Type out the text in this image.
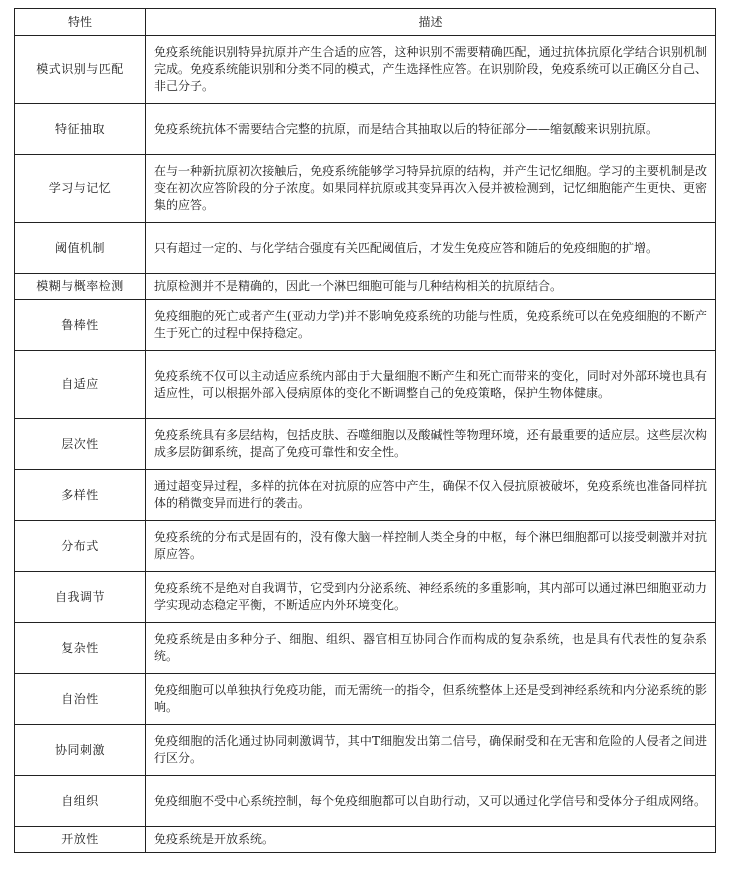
特性	描述
模式识别与匹配	免疫系统能识别特异抗原并产生合适的应答，这种识别不需要精确匹配，通过抗体抗原化学结合识别机制完成。免疫系统能识别和分类不同的模式，产生选择性应答。在识别阶段，免疫系统可以正确区分自己、非己分子。
特征抽取	免疫系统抗体不需要结合完整的抗原，而是结合其抽取以后的特征部分——缩氨酸来识别抗原。
学习与记忆	在与一种新抗原初次接触后，免疫系统能够学习特异抗原的结构，并产生记忆细胞。学习的主要机制是改变在初次应答阶段的分子浓度。如果同样抗原或其变异再次入侵并被检测到，记忆细胞能产生更快、更密集的应答。
阈值机制	只有超过一定的、与化学结合强度有关匹配阈值后，才发生免疫应答和随后的免疫细胞的扩增。
模糊与概率检测	抗原检测并不是精确的，因此一个淋巴细胞可能与几种结构相关的抗原结合。
鲁棒性	免疫细胞的死亡或者产生(亚动力学)并不影响免疫系统的功能与性质，免疫系统可以在免疫细胞的不断产生于死亡的过程中保持稳定。
自适应	免疫系统不仅可以主动适应系统内部由于大量细胞不断产生和死亡而带来的变化，同时对外部环境也具有适应性，可以根据外部入侵病原体的变化不断调整自己的免疫策略，保护生物体健康。
层次性	免疫系统具有多层结构，包括皮肤、吞噬细胞以及酸碱性等物理环境，还有最重要的适应层。这些层次构成多层防御系统，提高了免疫可靠性和安全性。
多样性	通过超变异过程，多样的抗体在对抗原的应答中产生，确保不仅入侵抗原被破坏，免疫系统也准备同样抗体的稍微变异而进行的袭击。
分布式	免疫系统的分布式是固有的，没有像大脑一样控制人类全身的中枢，每个淋巴细胞都可以接受刺激并对抗原应答。
自我调节	免疫系统不是绝对自我调节，它受到内分泌系统、神经系统的多重影响，其内部可以通过淋巴细胞亚动力学实现动态稳定平衡，不断适应内外环境变化。
复杂性	免疫系统是由多种分子、细胞、组织、器官相互协同合作而构成的复杂系统，也是具有代表性的复杂系统。
自治性	免疫细胞可以单独执行免疫功能，而无需统一的指令，但系统整体上还是受到神经系统和内分泌系统的影响。
协同刺激	免疫细胞的活化通过协同刺激调节，其中T细胞发出第二信号，确保耐受和在无害和危险的人侵者之间进行区分。
自组织	免疫细胞不受中心系统控制，每个免疫细胞都可以自助行动，又可以通过化学信号和受体分子组成网络。
开放性	免疫系统是开放系统。
